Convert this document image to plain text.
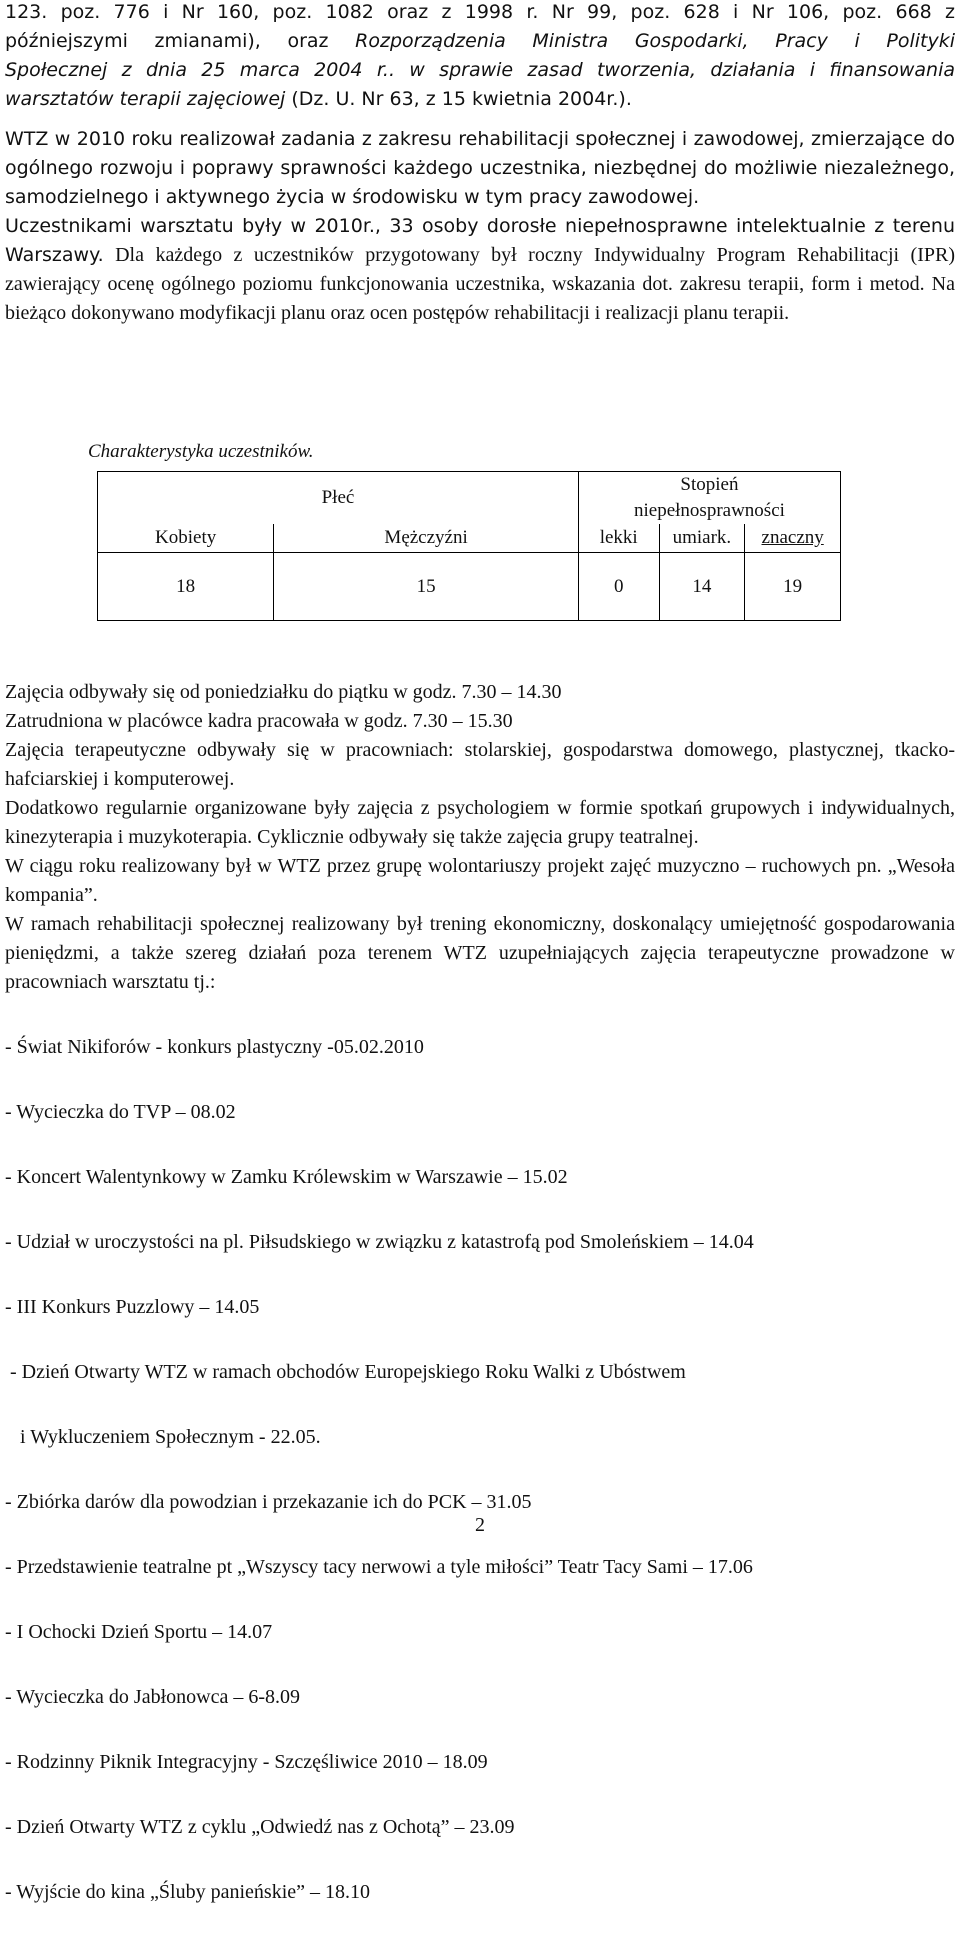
123. poz. 776 i Nr 160, poz. 1082 oraz z 1998 r. Nr 99, poz. 628 i Nr 106, poz. 668 z

późniejszymi zmianami), oraz Rozporządzenia Ministra Gospodarki, Pracy i Polityki

Społecznej z dnia 25 marca 2004 r.. w sprawie zasad tworzenia, działania i finansowania

warsztatów terapii zajęciowej (Dz. U. Nr 63, z 15 kwietnia 2004r.).

WTZ w 2010 roku realizował zadania z zakresu rehabilitacji społecznej i zawodowej, zmierzające do ogólnego rozwoju i poprawy sprawności każdego uczestnika, niezbędnej do możliwie niezależnego, samodzielnego i aktywnego życia w środowisku w tym pracy zawodowej.

Uczestnikami warsztatu były w 2010r., 33 osoby dorosłe niepełnosprawne intelektualnie z terenu Warszawy. Dla każdego z uczestników przygotowany był roczny Indywidualny Program Rehabilitacji (IPR) zawierający ocenę ogólnego poziomu funkcjonowania uczestnika, wskazania dot. zakresu terapii, form i metod. Na bieżąco dokonywano modyfikacji planu oraz ocen postępów rehabilitacji i realizacji planu terapii.

Charakterystyka uczestników.
Płeć		Stopień niepełnosprawności		
Kobiety	Mężczyźni	lekki	umiark.	znaczny
18	15	0	14	19

Zajęcia odbywały się od poniedziałku do piątku w godz. 7.30 – 14.30

Zatrudniona w placówce kadra pracowała w godz. 7.30 – 15.30

Zajęcia terapeutyczne odbywały się w pracowniach: stolarskiej, gospodarstwa domowego, plastycznej, tkacko-hafciarskiej i komputerowej.

Dodatkowo regularnie organizowane były zajęcia z psychologiem w formie spotkań grupowych i indywidualnych, kinezyterapia i muzykoterapia. Cyklicznie odbywały się także zajęcia grupy teatralnej.

W ciągu roku realizowany był w WTZ przez grupę wolontariuszy projekt zajęć muzyczno – ruchowych pn. „Wesoła kompania”.

W ramach rehabilitacji społecznej realizowany był trening ekonomiczny, doskonalący umiejętność gospodarowania pieniędzmi, a także szereg działań poza terenem WTZ uzupełniających zajęcia terapeutyczne prowadzone w pracowniach warsztatu tj.:

- Świat Nikiforów - konkurs plastyczny -05.02.2010

- Wycieczka do TVP – 08.02

- Koncert Walentynkowy w Zamku Królewskim w Warszawie – 15.02

- Udział w uroczystości na pl. Piłsudskiego w związku z katastrofą pod Smoleńskiem – 14.04

- III Konkurs Puzzlowy – 14.05

- Dzień Otwarty WTZ w ramach obchodów Europejskiego Roku Walki z Ubóstwem

i Wykluczeniem Społecznym - 22.05.

- Zbiórka darów dla powodzian i przekazanie ich do PCK – 31.05

- Przedstawienie teatralne pt „Wszyscy tacy nerwowi a tyle miłości” Teatr Tacy Sami – 17.06

- I Ochocki Dzień Sportu – 14.07

- Wycieczka do Jabłonowca – 6-8.09

- Rodzinny Piknik Integracyjny - Szczęśliwice 2010 – 18.09

- Dzień Otwarty WTZ z cyklu „Odwiedź nas z Ochotą” – 23.09

- Wyjście do kina „Śluby panieńskie” – 18.10

2
